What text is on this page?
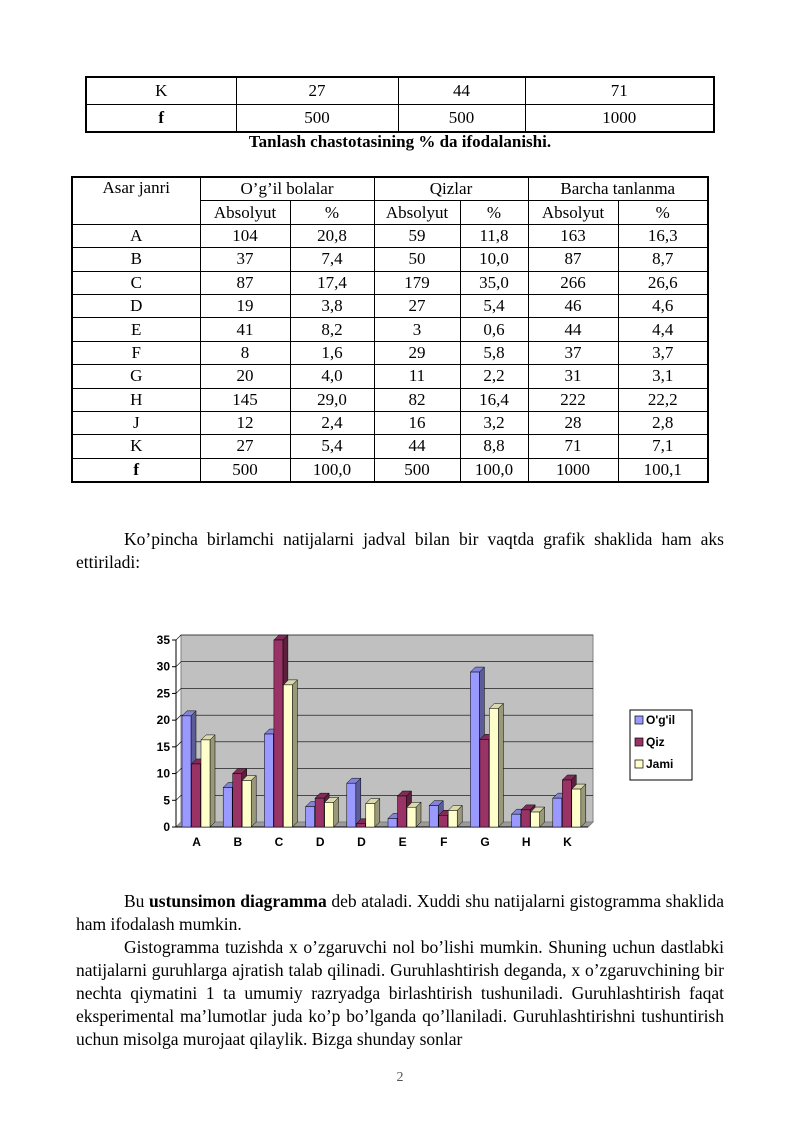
K	27	44	71
f	500	500	1000
Tanlash chastotasining % da ifodalanishi.
Asar janri	O’g’il bolalar		Qizlar		Barcha tanlanma	
	Absolyut	%	Absolyut	%	Absolyut	%
A	104	20,8	59	11,8	163	16,3
B	37	7,4	50	10,0	87	8,7
C	87	17,4	179	35,0	266	26,6
D	19	3,8	27	5,4	46	4,6
E	41	8,2	3	0,6	44	4,4
F	8	1,6	29	5,8	37	3,7
G	20	4,0	11	2,2	31	3,1
H	145	29,0	82	16,4	222	22,2
J	12	2,4	16	3,2	28	2,8
K	27	5,4	44	8,8	71	7,1
f	500	100,0	500	100,0	1000	100,1
Ko’pincha birlamchi natijalarni jadval bilan bir vaqtda grafik shaklida ham aks ettiriladi:
0
5
10
15
20
25
30
35
A	B	C	D	D	E	F	G	H	K
O'g'il
Qiz
Jami
Bu ustunsimon diagramma deb ataladi. Xuddi shu natijalarni gistogramma shaklida ham ifodalash mumkin.
Gistogramma tuzishda x o’zgaruvchi nol bo’lishi mumkin. Shuning uchun dastlabki natijalarni guruhlarga ajratish talab qilinadi. Guruhlashtirish deganda, x o’zgaruvchining bir nechta qiymatini 1 ta umumiy razryadga birlashtirish tushuniladi. Guruhlashtirish faqat eksperimental ma’lumotlar juda ko’p bo’lganda qo’llaniladi. Guruhlashtirishni tushuntirish uchun misolga murojaat qilaylik. Bizga shunday sonlar
2
